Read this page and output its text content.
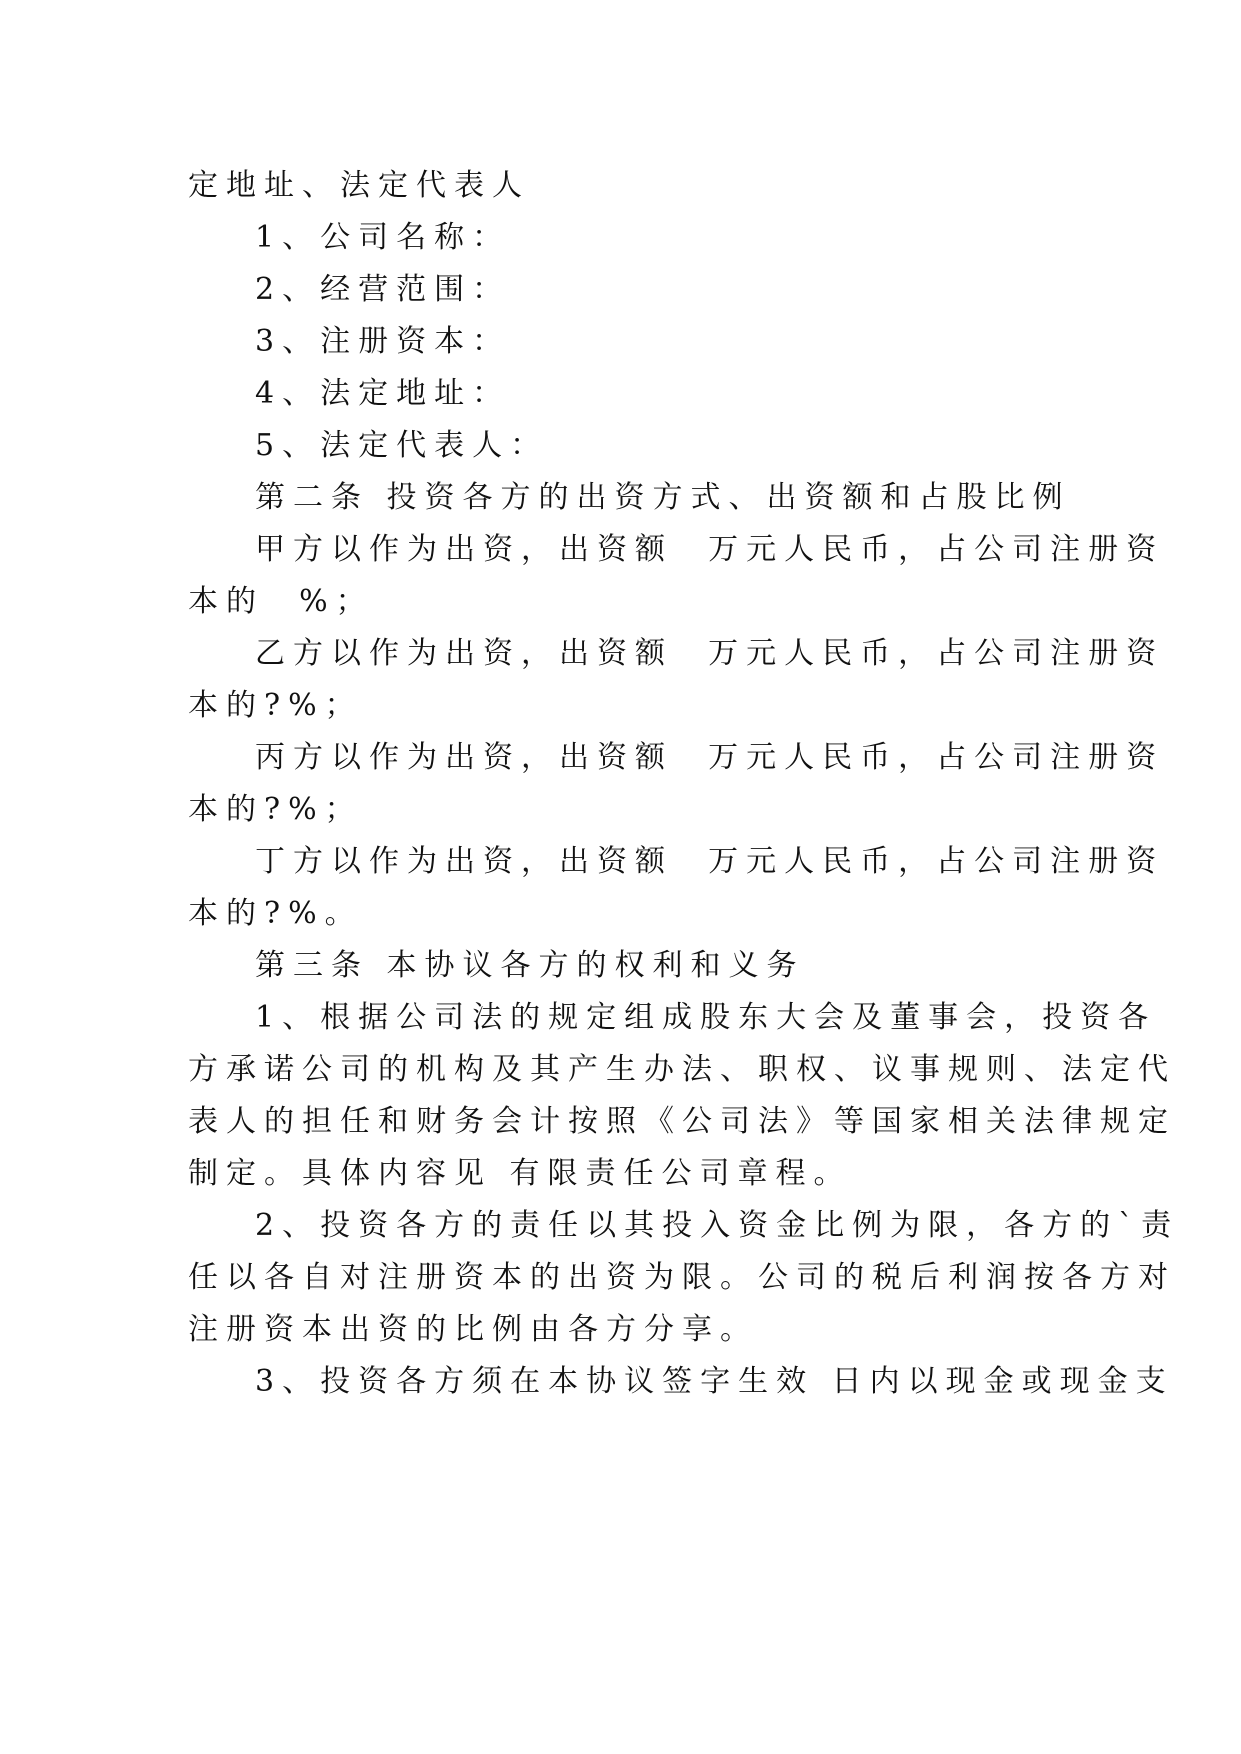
定地址、法定代表人
1、公司名称：
2、经营范围：
3、注册资本：
4、法定地址：
5、法定代表人：
第二条 投资各方的出资方式、出资额和占股比例
甲方以作为出资，出资额  万元人民币，占公司注册资
本的  %；
乙方以作为出资，出资额  万元人民币，占公司注册资
本的?%；
丙方以作为出资，出资额  万元人民币，占公司注册资
本的?%；
丁方以作为出资，出资额  万元人民币，占公司注册资
本的?%。
第三条 本协议各方的权利和义务
1、根据公司法的规定组成股东大会及董事会，投资各
方承诺公司的机构及其产生办法、职权、议事规则、法定代
表人的担任和财务会计按照《公司法》等国家相关法律规定
制定。具体内容见 有限责任公司章程。
2、投资各方的责任以其投入资金比例为限，各方的`责
任以各自对注册资本的出资为限。公司的税后利润按各方对
注册资本出资的比例由各方分享。
3、投资各方须在本协议签字生效 日内以现金或现金支
